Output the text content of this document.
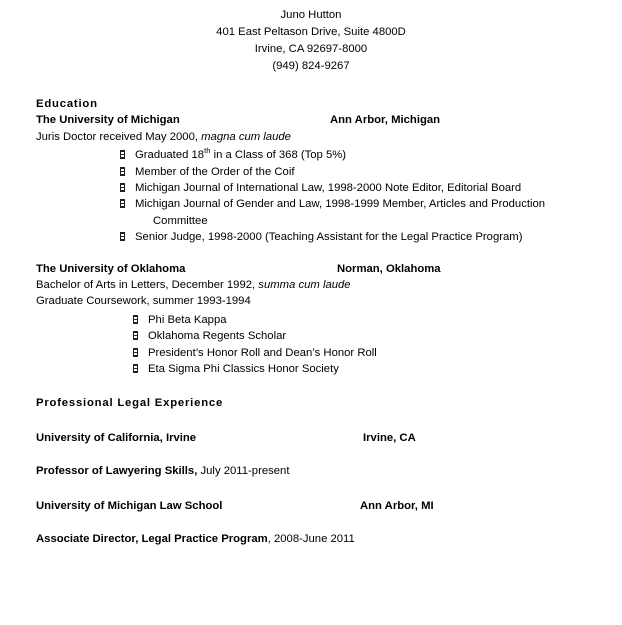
Juno Hutton
401 East Peltason Drive, Suite 4800D
Irvine, CA 92697-8000
(949) 824-9267
Education
The University of Michigan	Ann Arbor, Michigan
Juris Doctor received May 2000, magna cum laude
Graduated 18th in a Class of 368 (Top 5%)
Member of the Order of the Coif
Michigan Journal of International Law, 1998-2000 Note Editor, Editorial Board
Michigan Journal of Gender and Law, 1998-1999 Member, Articles and Production Committee
Senior Judge, 1998-2000 (Teaching Assistant for the Legal Practice Program)
The University of Oklahoma	Norman, Oklahoma
Bachelor of Arts in Letters, December 1992, summa cum laude
Graduate Coursework, summer 1993-1994
Phi Beta Kappa
Oklahoma Regents Scholar
President’s Honor Roll and Dean’s Honor Roll
Eta Sigma Phi Classics Honor Society
Professional Legal Experience
University of California, Irvine	Irvine, CA
Professor of Lawyering Skills, July 2011-present
University of Michigan Law School	Ann Arbor, MI
Associate Director, Legal Practice Program, 2008-June 2011
